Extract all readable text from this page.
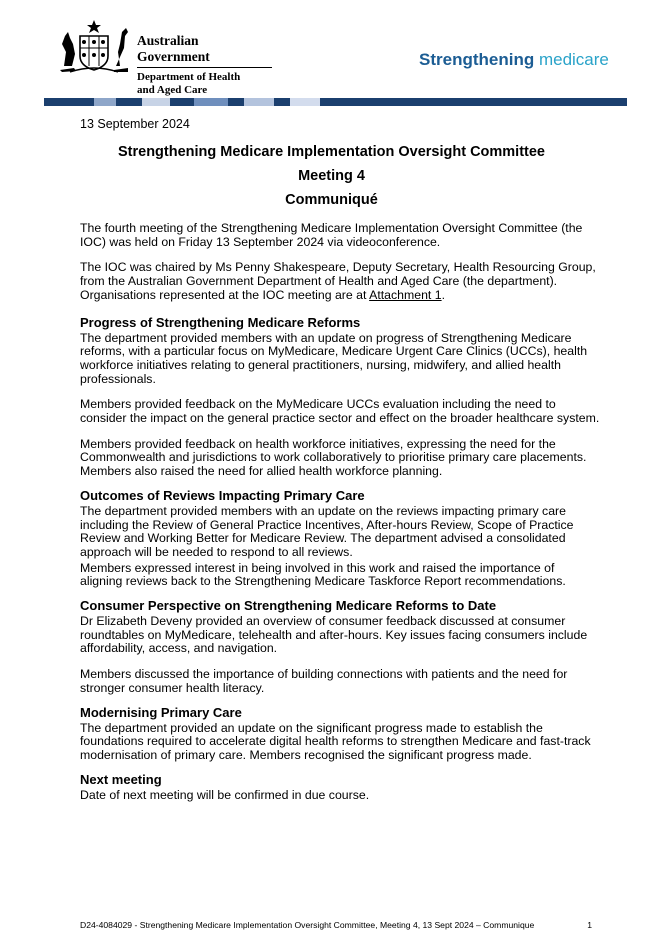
Australian Government
Department of Health
and Aged Care
Strengthening medicare
13 September 2024
Strengthening Medicare Implementation Oversight Committee
Meeting 4
Communiqué

The fourth meeting of the Strengthening Medicare Implementation Oversight Committee (the IOC) was held on Friday 13 September 2024 via videoconference.

The IOC was chaired by Ms Penny Shakespeare, Deputy Secretary, Health Resourcing Group, from the Australian Government Department of Health and Aged Care (the department). Organisations represented at the IOC meeting are at Attachment 1.

Progress of Strengthening Medicare Reforms

The department provided members with an update on progress of Strengthening Medicare reforms, with a particular focus on MyMedicare, Medicare Urgent Care Clinics (UCCs), health workforce initiatives relating to general practitioners, nursing, midwifery, and allied health professionals.

Members provided feedback on the MyMedicare UCCs evaluation including the need to consider the impact on the general practice sector and effect on the broader healthcare system.

Members provided feedback on health workforce initiatives, expressing the need for the Commonwealth and jurisdictions to work collaboratively to prioritise primary care placements. Members also raised the need for allied health workforce planning.

Outcomes of Reviews Impacting Primary Care

The department provided members with an update on the reviews impacting primary care including the Review of General Practice Incentives, After-hours Review, Scope of Practice Review and Working Better for Medicare Review. The department advised a consolidated approach will be needed to respond to all reviews.

Members expressed interest in being involved in this work and raised the importance of aligning reviews back to the Strengthening Medicare Taskforce Report recommendations.

Consumer Perspective on Strengthening Medicare Reforms to Date

Dr Elizabeth Deveny provided an overview of consumer feedback discussed at consumer roundtables on MyMedicare, telehealth and after-hours. Key issues facing consumers include affordability, access, and navigation.

Members discussed the importance of building connections with patients and the need for stronger consumer health literacy.

Modernising Primary Care

The department provided an update on the significant progress made to establish the foundations required to accelerate digital health reforms to strengthen Medicare and fast-track modernisation of primary care. Members recognised the significant progress made.

Next meeting

Date of next meeting will be confirmed in due course.

D24-4084029 - Strengthening Medicare Implementation Oversight Committee, Meeting 4, 13 Sept 2024 – Communique	1
